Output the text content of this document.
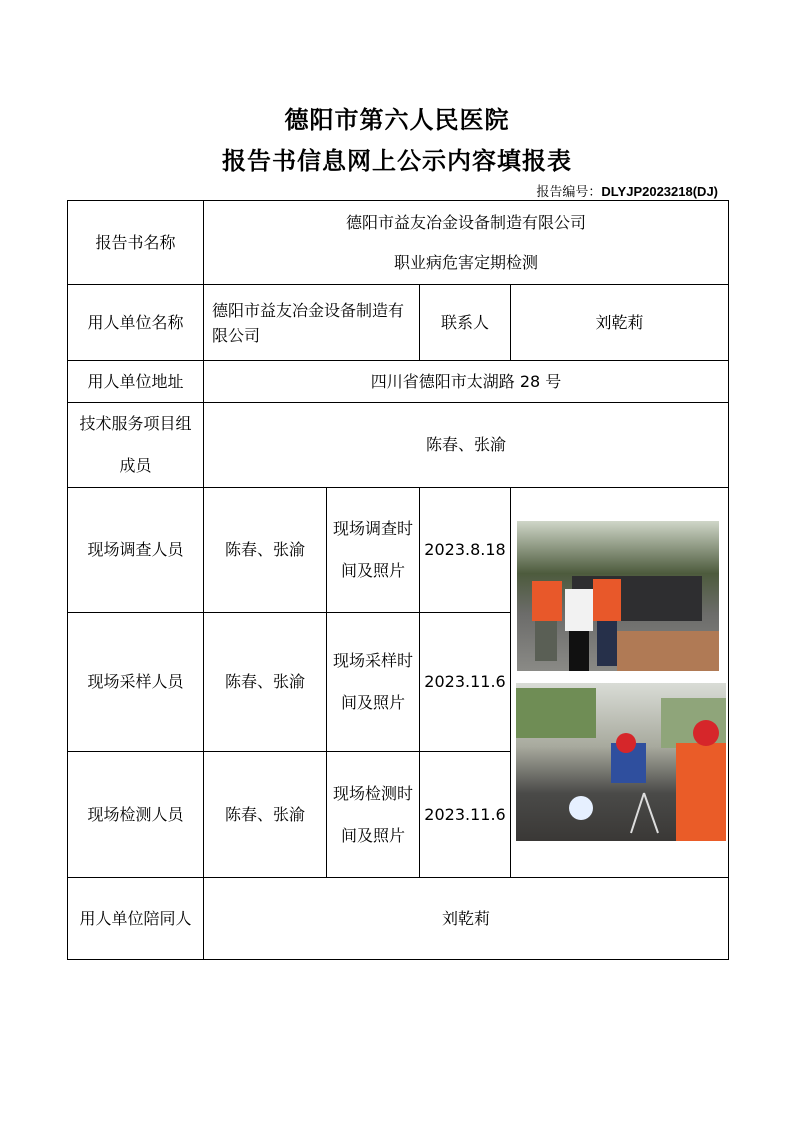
德阳市第六人民医院
报告书信息网上公示内容填报表
报告编号：DLYJP2023218(DJ)
报告书名称	德阳市益友冶金设备制造有限公司
职业病危害定期检测			

用人单位名称	德阳市益友冶金设备制造有限公司		联系人	刘乾莉
用人单位地址	四川省德阳市太湖路 28 号			
技术服务项目组成员	陈春、张渝			
现场调查人员	陈春、张渝	现场调查时间及照片	2023.8.18	
现场采样人员	陈春、张渝	现场采样时间及照片	2023.11.6	
现场检测人员	陈春、张渝	现场检测时间及照片	2023.11.6	
用人单位陪同人	刘乾莉			
